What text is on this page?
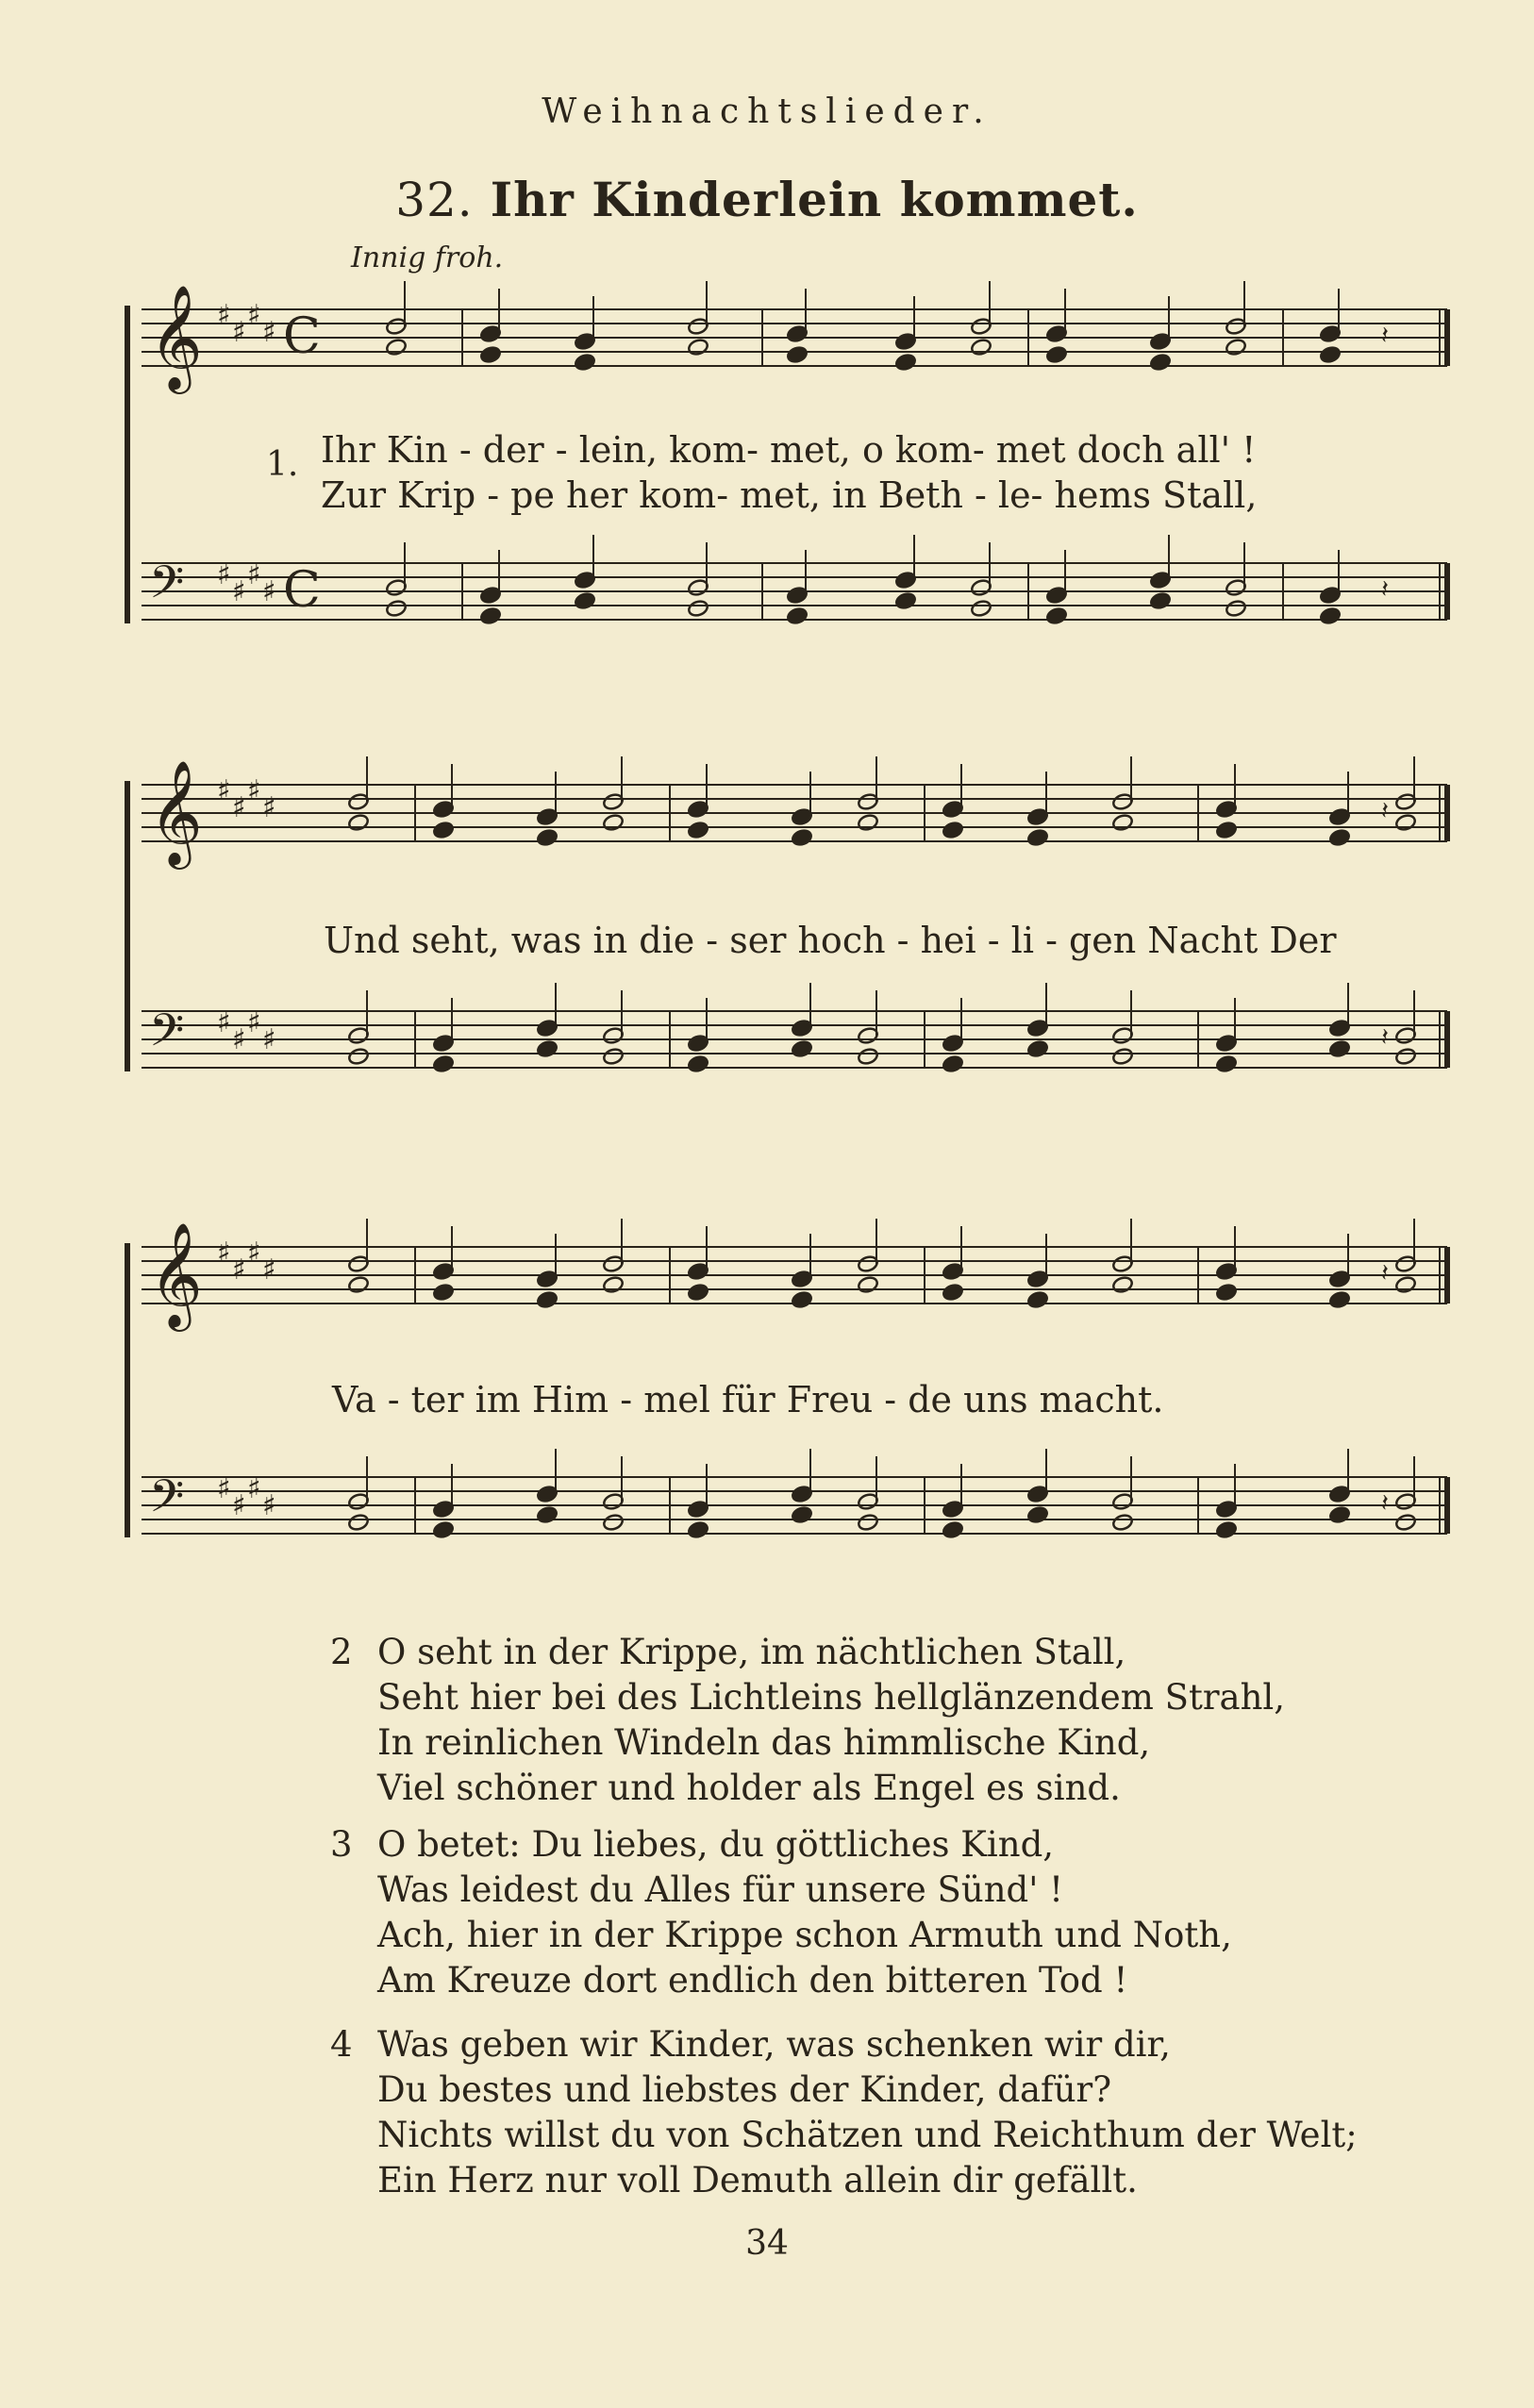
Weihnachtslieder.
32. Ihr Kinderlein kommet.
Innig froh.
𝄞 ♯
♯
♯
♯ C
𝄢 ♯
♯
♯
♯ C
𝄽
𝄽
𝄞 ♯
♯
♯
♯
𝄢 ♯
♯
♯
♯
𝄽
𝄽
𝄞 ♯
♯
♯
♯
𝄢 ♯
♯
♯
♯
𝄽
𝄽
1. Ihr Kin - der - lein, kom- met, o kom- met doch all' !
Zur Krip - pe her kom- met, in Beth - le- hems Stall,
Und seht, was in die - ser hoch - hei - li - gen Nacht Der
Va - ter im Him - mel für Freu - de uns macht.
2 O seht in der Krippe, im nächtlichen Stall,
Seht hier bei des Lichtleins hellglänzendem Strahl,
In reinlichen Windeln das himmlische Kind,
Viel schöner und holder als Engel es sind.
3 O betet: Du liebes, du göttliches Kind,
Was leidest du Alles für unsere Sünd' !
Ach, hier in der Krippe schon Armuth und Noth,
Am Kreuze dort endlich den bitteren Tod !
4 Was geben wir Kinder, was schenken wir dir,
Du bestes und liebstes der Kinder, dafür?
Nichts willst du von Schätzen und Reichthum der Welt;
Ein Herz nur voll Demuth allein dir gefällt.
34
